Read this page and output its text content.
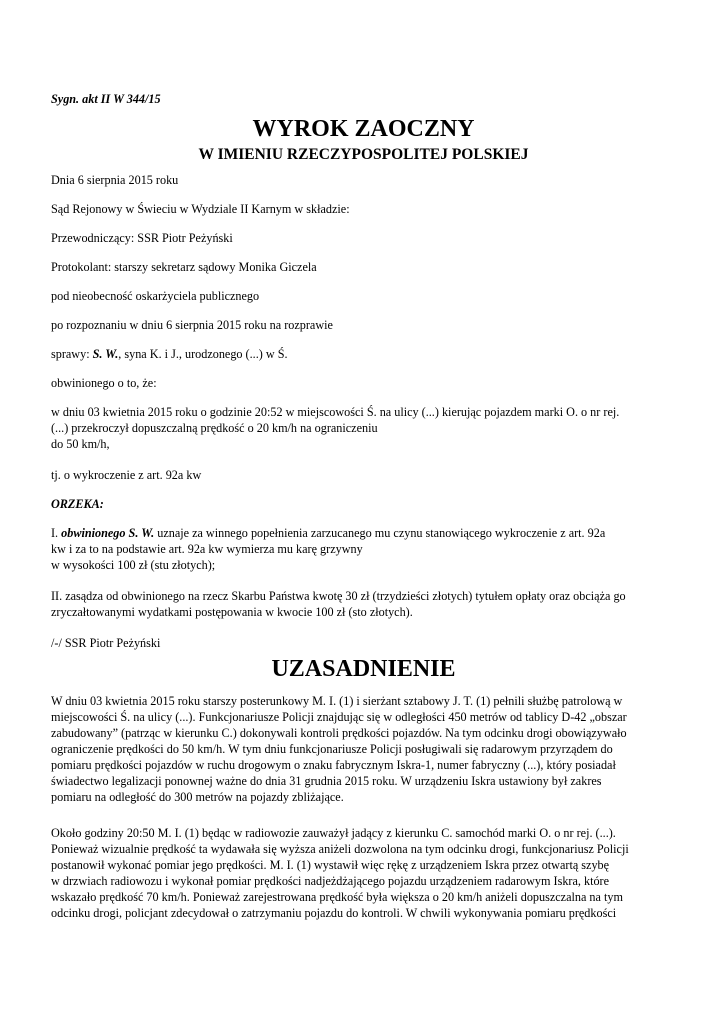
Sygn. akt II W 344/15

WYROK ZAOCZNY
W IMIENIU RZECZYPOSPOLITEJ POLSKIEJ

Dnia 6 sierpnia 2015 roku

Sąd Rejonowy w Świeciu w Wydziale II Karnym w składzie:

Przewodniczący: SSR Piotr Pеżyński

Protokolant: starszy sekretarz sądowy Monika Giczela

pod nieobecność oskarżyciela publicznego

po rozpoznaniu w dniu 6 sierpnia 2015 roku na rozprawie

sprawy: S. W., syna K. i J., urodzonego (...) w Ś.

obwinionego o to, że:

w dniu 03 kwietnia 2015 roku o godzinie 20:52 w miejscowości Ś. na ulicy (...) kierując pojazdem marki O. o nr rej.
(...) przekroczył dopuszczalną prędkość o 20 km/h na ograniczeniu
do 50 km/h,

tj. o wykroczenie z art. 92a kw

ORZEKA:

I. obwinionego S. W. uznaje za winnego popełnienia zarzucanego mu czynu stanowiącego wykroczenie z art. 92a
kw i za to na podstawie art. 92a kw wymierza mu karę grzywny
w wysokości 100 zł (stu złotych);

II. zasądza od obwinionego na rzecz Skarbu Państwa kwotę 30 zł (trzydzieści złotych) tytułem opłaty oraz obciąża go
zryczałtowanymi wydatkami postępowania w kwocie 100 zł (sto złotych).

/-/ SSR Piotr Pеżyński

UZASADNIENIE
W dniu 03 kwietnia 2015 roku starszy posterunkowy M. I. (1) i sierżant sztabowy J. T. (1) pełnili służbę patrolową w
miejscowości Ś. na ulicy (...). Funkcjonariusze Policji znajdując się w odległości 450 metrów od tablicy D-42 „obszar
zabudowany” (patrząc w kierunku C.) dokonywali kontroli prędkości pojazdów. Na tym odcinku drogi obowiązywało
ograniczenie prędkości do 50 km/h. W tym dniu funkcjonariusze Policji posługiwali się radarowym przyrządem do
pomiaru prędkości pojazdów w ruchu drogowym o znaku fabrycznym Iskra-1, numer fabryczny (...), który posiadał
świadectwo legalizacji ponownej ważne do dnia 31 grudnia 2015 roku. W urządzeniu Iskra ustawiony był zakres
pomiaru na odległość do 300 metrów na pojazdy zbliżające.
Około godziny 20:50 M. I. (1) będąc w radiowozie zauważył jadący z kierunku C. samochód marki O. o nr rej. (...).
Ponieważ wizualnie prędkość ta wydawała się wyższa aniżeli dozwolona na tym odcinku drogi, funkcjonariusz Policji
postanowił wykonać pomiar jego prędkości. M. I. (1) wystawił więc rękę z urządzeniem Iskra przez otwartą szybę
w drzwiach radiowozu i wykonał pomiar prędkości nadjeżdżającego pojazdu urządzeniem radarowym Iskra, które
wskazało prędkość 70 km/h. Ponieważ zarejestrowana prędkość była większa o 20 km/h aniżeli dopuszczalna na tym
odcinku drogi, policjant zdecydował o zatrzymaniu pojazdu do kontroli. W chwili wykonywania pomiaru prędkości
